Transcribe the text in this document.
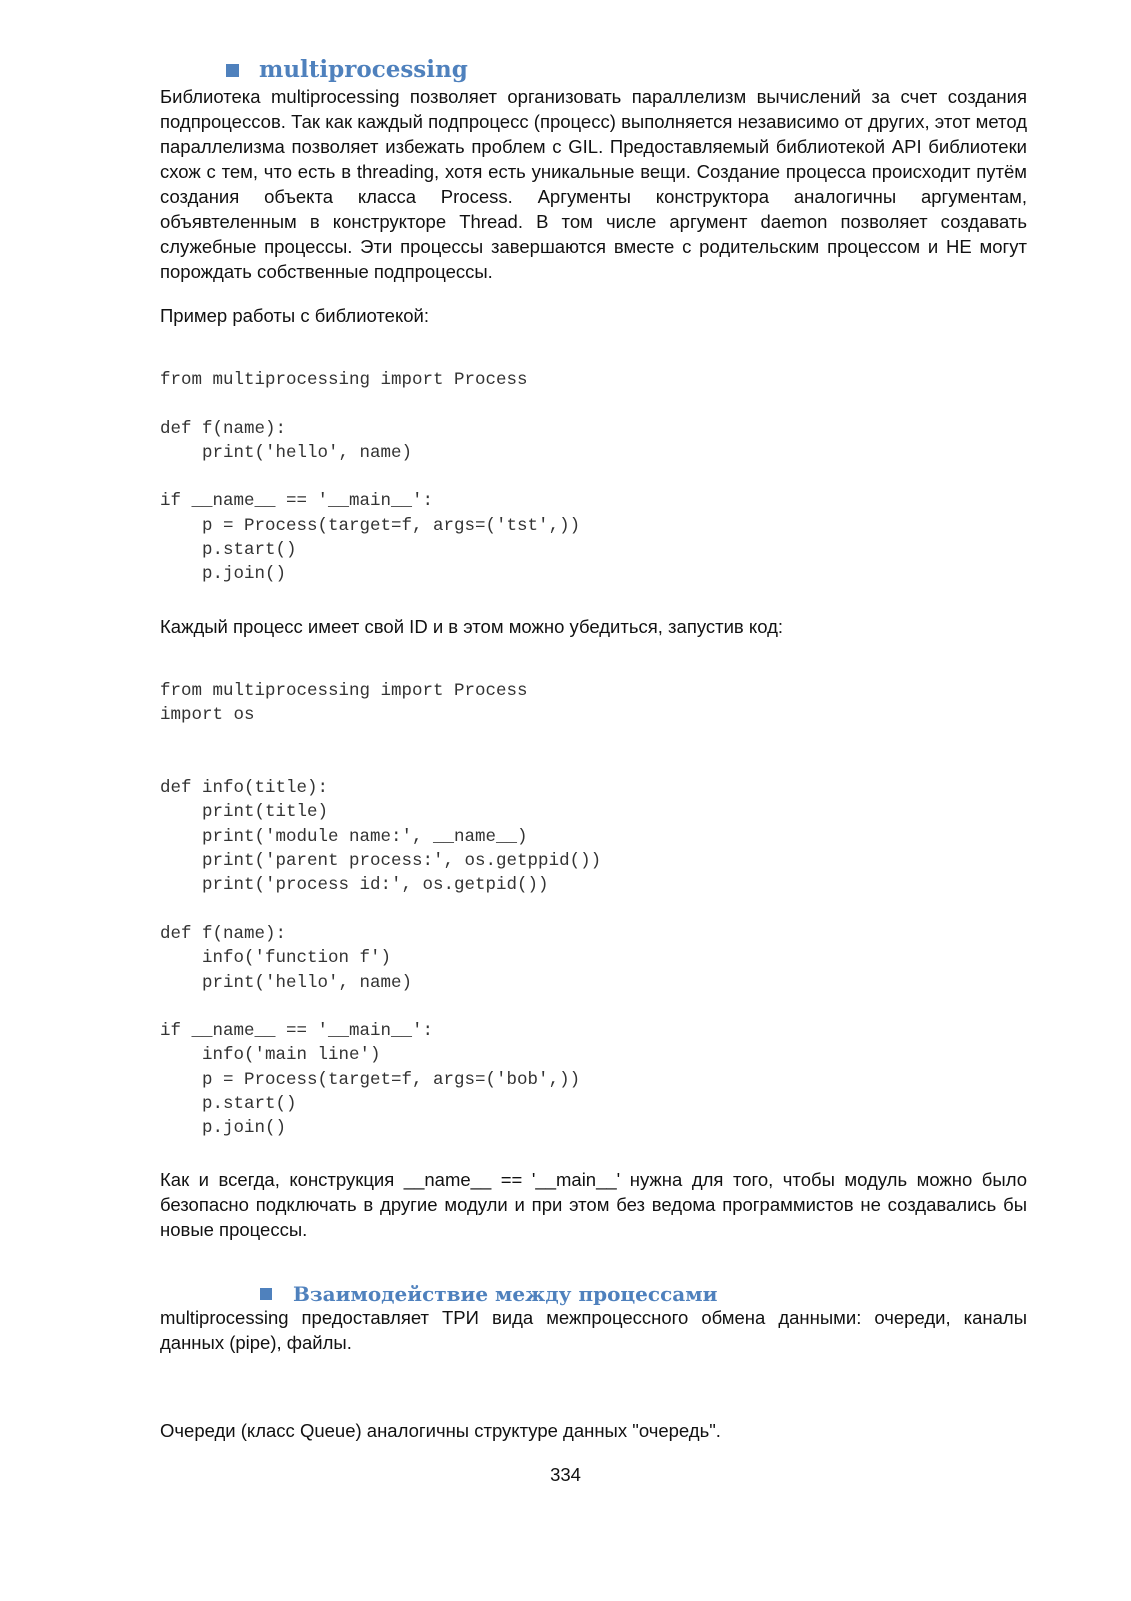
multiprocessing
Библиотека multiprocessing позволяет организовать параллелизм вычислений за счет создания подпроцессов. Так как каждый подпроцесс (процесс) выполняется независимо от других, этот метод параллелизма позволяет избежать проблем с GIL. Предоставляемый библиотекой API библиотеки схож с тем, что есть в threading, хотя есть уникальные вещи. Создание процесса происходит путём создания объекта класса Process. Аргументы конструктора аналогичны аргументам, объявтеленным в конструкторе Thread. В том числе аргумент daemon позволяет создавать служебные процессы. Эти процессы завершаются вместе с родительским процессом и НЕ могут порождать собственные подпроцессы.
Пример работы с библиотекой:
from multiprocessing import Process

def f(name):
print('hello', name)

if __name__ == '__main__':
p = Process(target=f, args=('tst',))
p.start()
p.join()
Каждый процесс имеет свой ID и в этом можно убедиться, запустив код:
from multiprocessing import Process
import os

def info(title):
print(title)
print('module name:', __name__)
print('parent process:', os.getppid())
print('process id:', os.getpid())

def f(name):
info('function f')
print('hello', name)

if __name__ == '__main__':
info('main line')
p = Process(target=f, args=('bob',))
p.start()
p.join()
Как и всегда, конструкция __name__ == '__main__' нужна для того, чтобы модуль можно было безопасно подключать в другие модули и при этом без ведома программистов не создавались бы новые процессы.
Взаимодействие между процессами
multiprocessing предоставляет ТРИ вида межпроцессного обмена данными: очереди, каналы данных (pipe), файлы.
Очереди (класс Queue) аналогичны структуре данных "очередь".
334
